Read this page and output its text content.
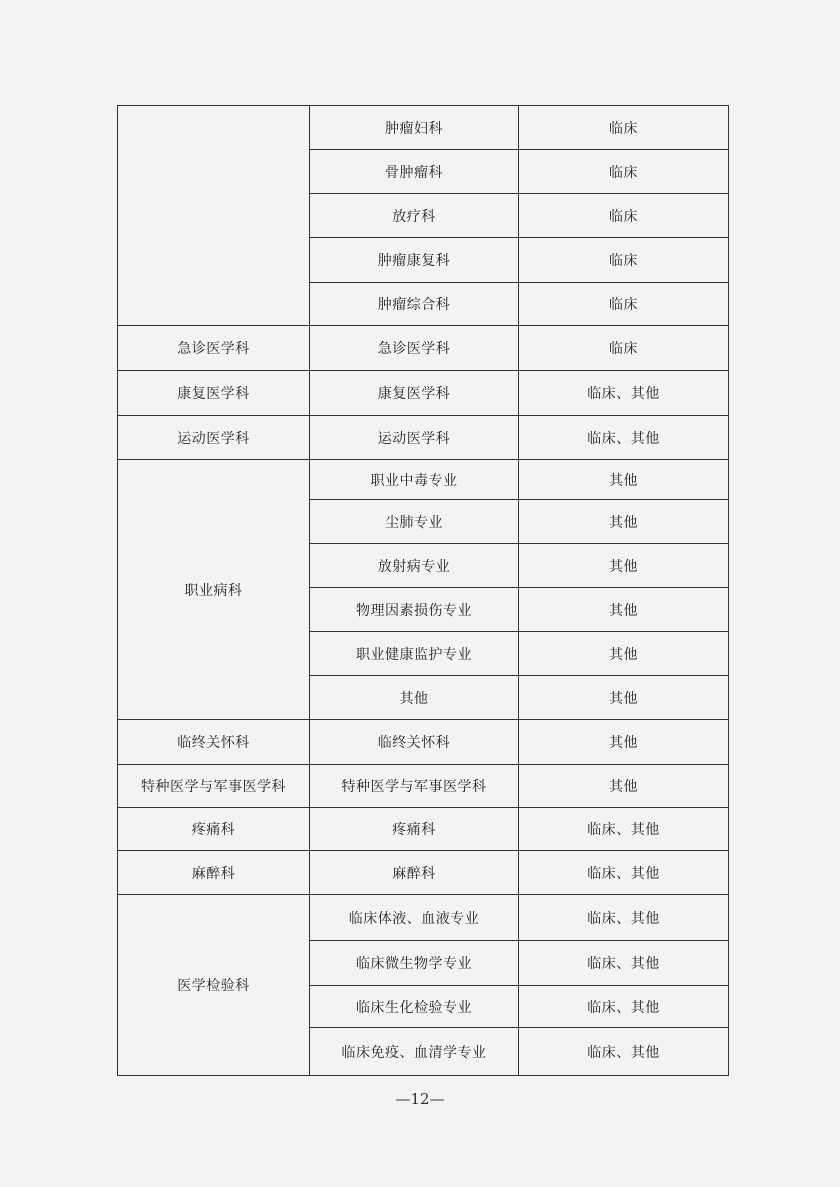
	肿瘤妇科	临床
	骨肿瘤科	临床
	放疗科	临床
	肿瘤康复科	临床
	肿瘤综合科	临床
急诊医学科	急诊医学科	临床
康复医学科	康复医学科	临床、其他
运动医学科	运动医学科	临床、其他
职业病科	职业中毒专业	其他
	尘肺专业	其他
	放射病专业	其他
	物理因素损伤专业	其他
	职业健康监护专业	其他
	其他	其他
临终关怀科	临终关怀科	其他
特种医学与军事医学科	特种医学与军事医学科	其他
疼痛科	疼痛科	临床、其他
麻醉科	麻醉科	临床、其他
医学检验科	临床体液、血液专业	临床、其他
	临床微生物学专业	临床、其他
	临床生化检验专业	临床、其他
	临床免疫、血清学专业	临床、其他
—12—
